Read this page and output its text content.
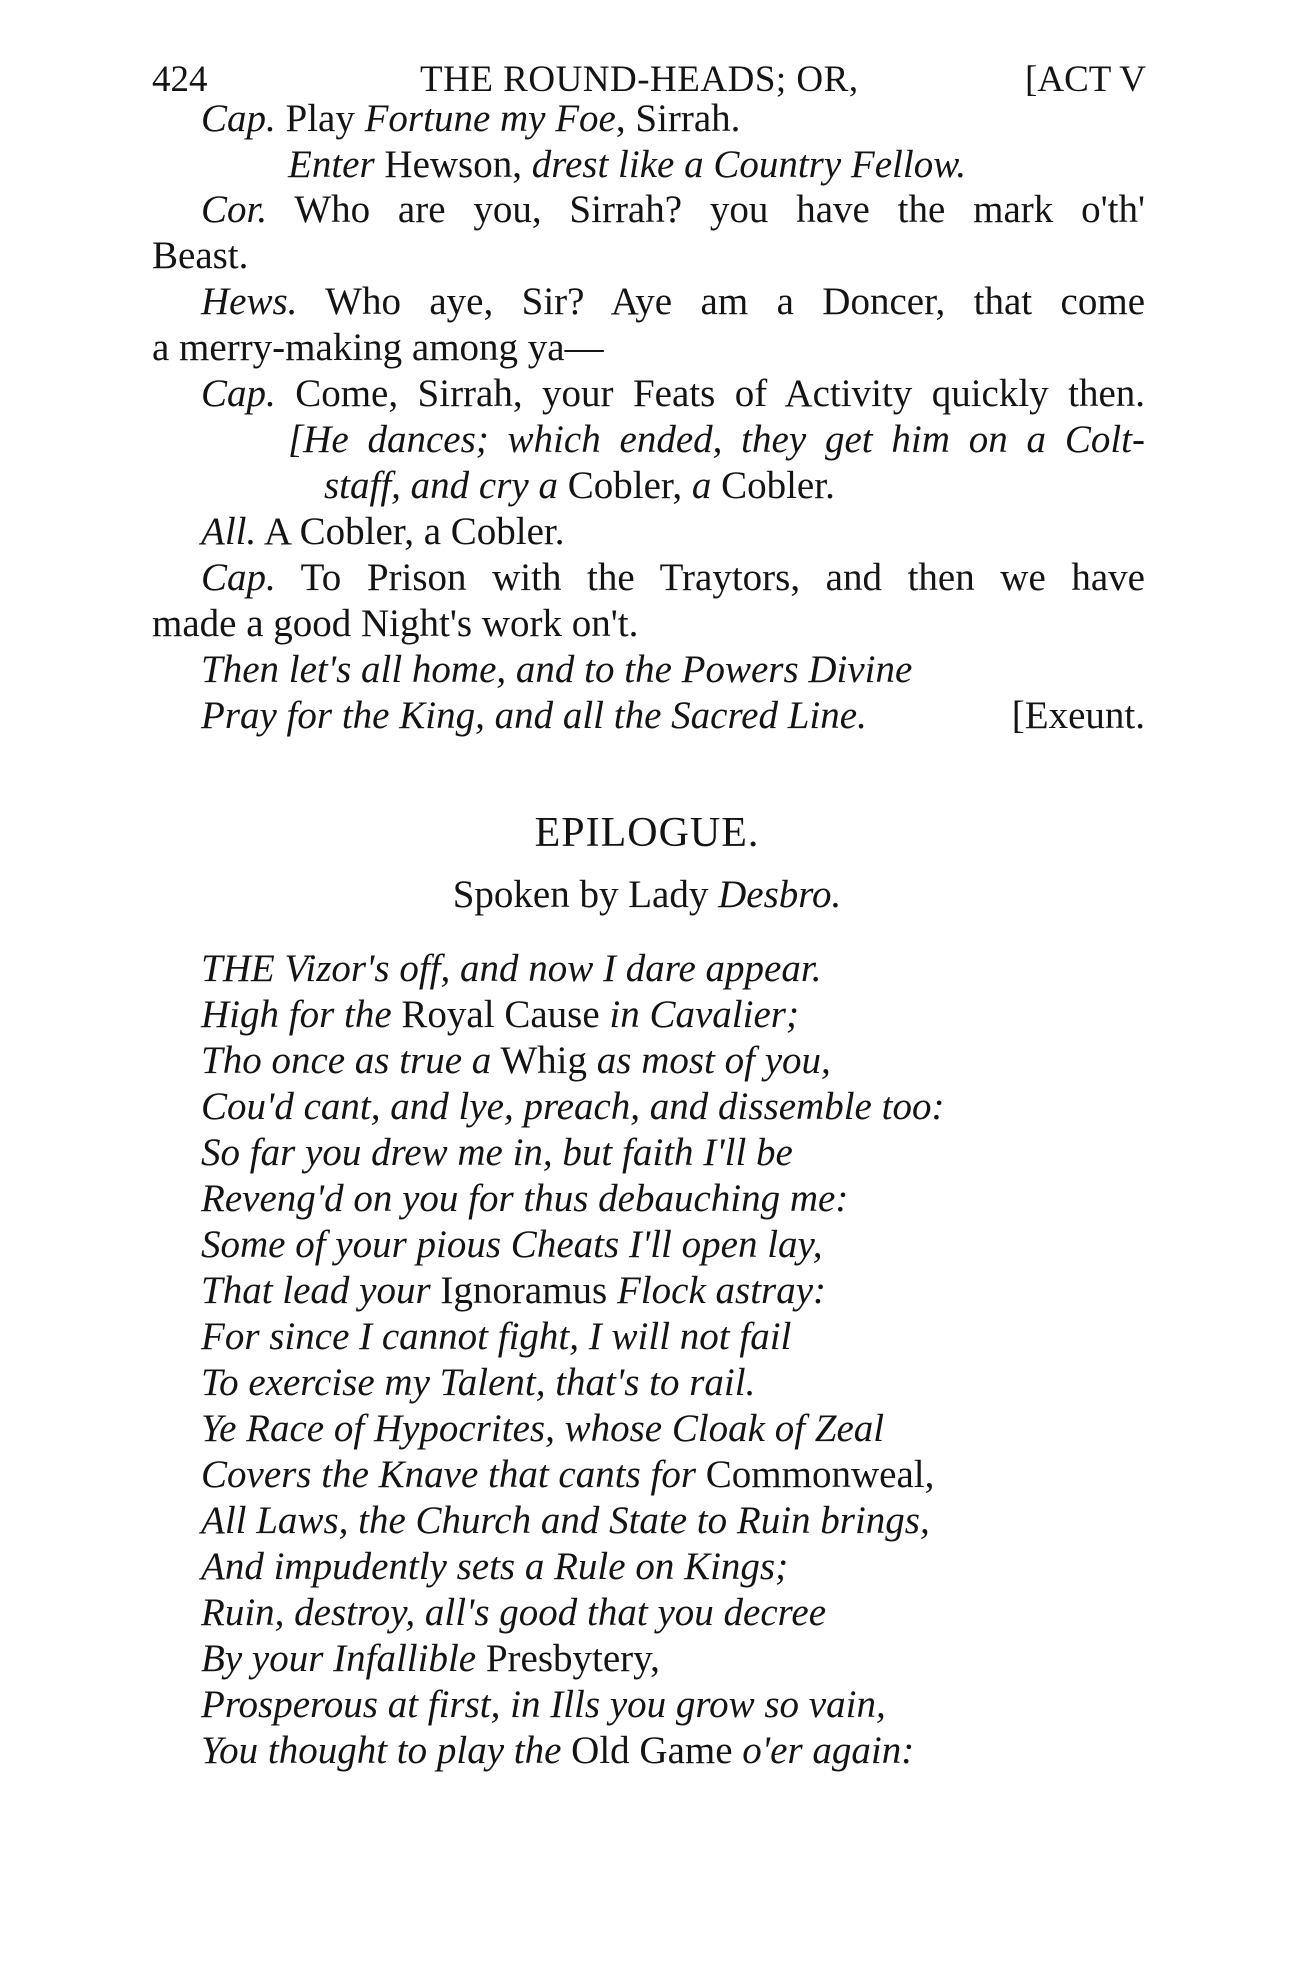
424	THE ROUND-HEADS; OR,	[ACT V
Cap. Play Fortune my Foe, Sirrah.
Enter Hewson, drest like a Country Fellow.
Cor. Who are you, Sirrah? you have the mark o'th'
Beast.
Hews. Who aye, Sir? Aye am a Doncer, that come
a merry-making among ya—
Cap. Come, Sirrah, your Feats of Activity quickly then.
[He dances; which ended, they get him on a Colt-
staff, and cry a Cobler, a Cobler.
All. A Cobler, a Cobler.
Cap. To Prison with the Traytors, and then we have
made a good Night's work on't.
Then let's all home, and to the Powers Divine
Pray for the King, and all the Sacred Line.	[Exeunt.
EPILOGUE.
Spoken by Lady Desbro.
THE Vizor's off, and now I dare appear.
High for the Royal Cause in Cavalier;
Tho once as true a Whig as most of you,
Cou'd cant, and lye, preach, and dissemble too:
So far you drew me in, but faith I'll be
Reveng'd on you for thus debauching me:
Some of your pious Cheats I'll open lay,
That lead your Ignoramus Flock astray:
For since I cannot fight, I will not fail
To exercise my Talent, that's to rail.
Ye Race of Hypocrites, whose Cloak of Zeal
Covers the Knave that cants for Commonweal,
All Laws, the Church and State to Ruin brings,
And impudently sets a Rule on Kings;
Ruin, destroy, all's good that you decree
By your Infallible Presbytery,
Prosperous at first, in Ills you grow so vain,
You thought to play the Old Game o'er again:
